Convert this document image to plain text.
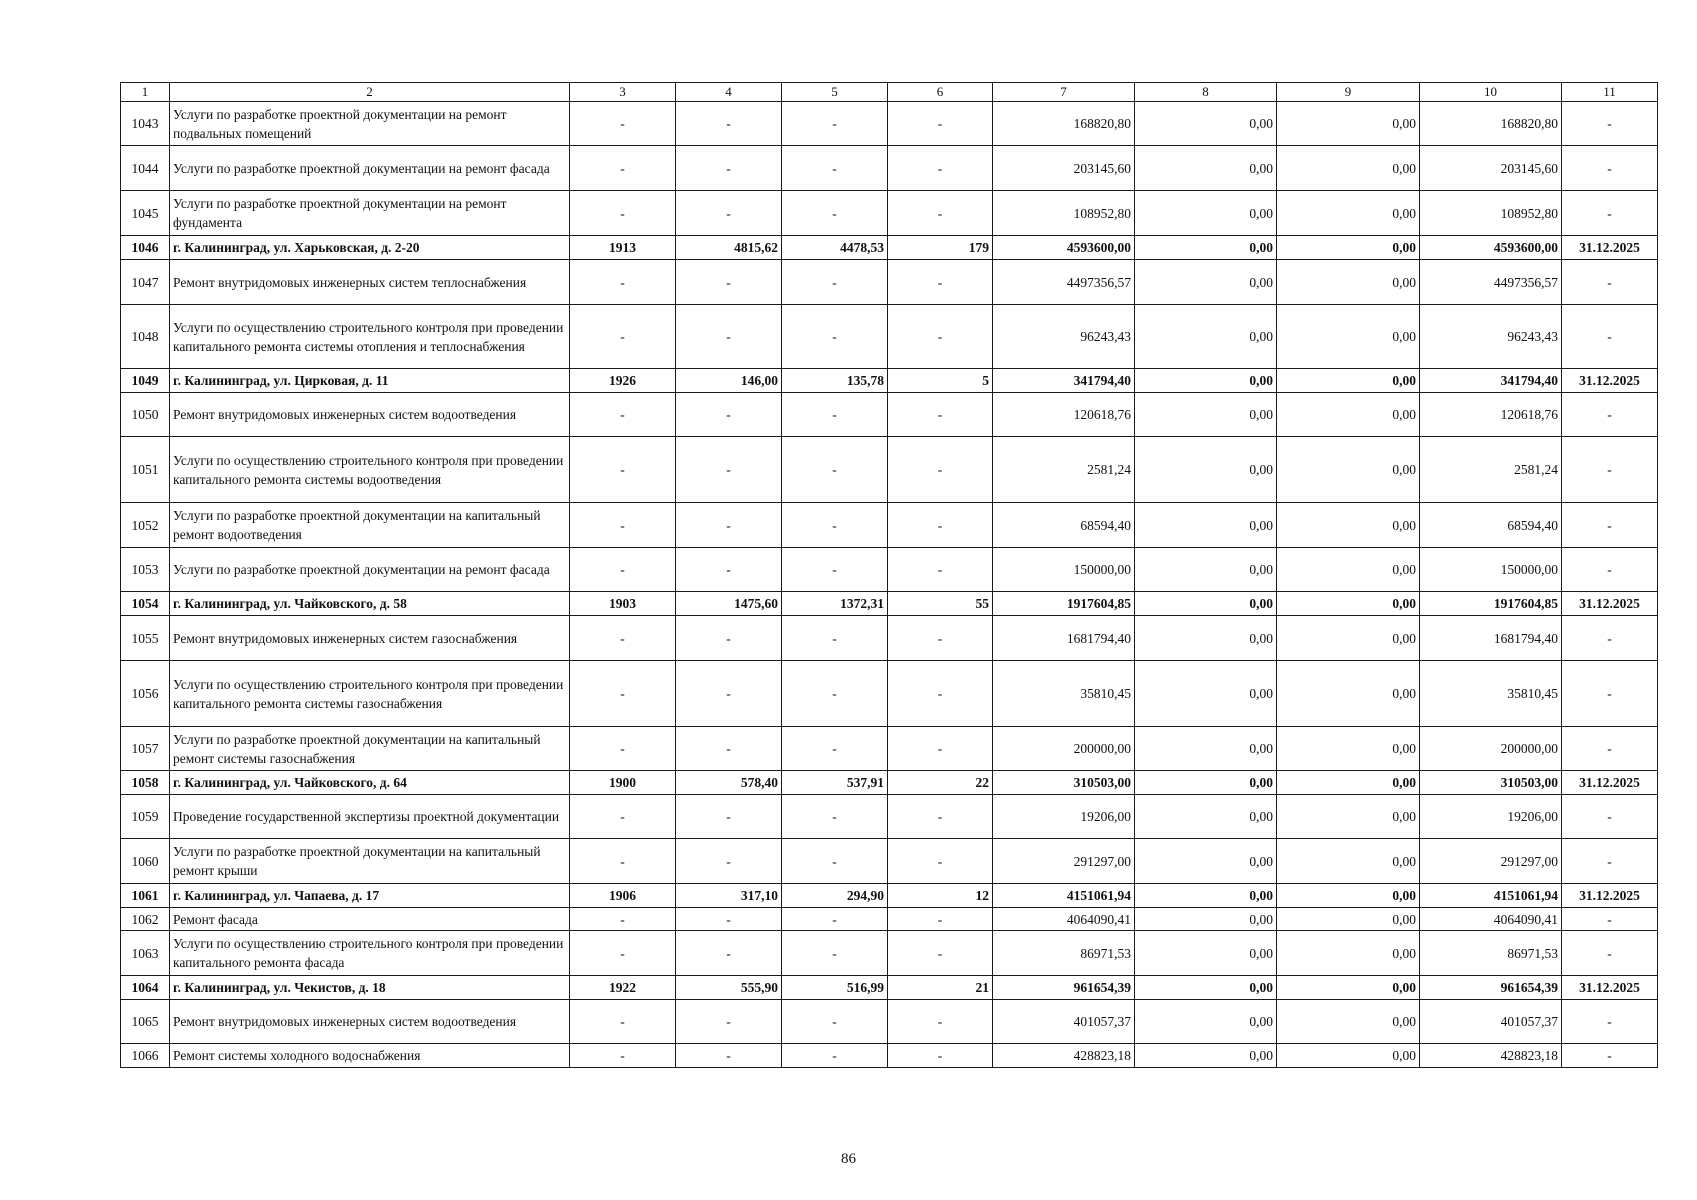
1	2	3	4	5	6	7	8	9	10	11
1043	Услуги по разработке проектной документации на ремонт подвальных помещений	-	-	-	-	168820,80	0,00	0,00	168820,80	-
1044	Услуги по разработке проектной документации на ремонт фасада	-	-	-	-	203145,60	0,00	0,00	203145,60	-
1045	Услуги по разработке проектной документации на ремонт фундамента	-	-	-	-	108952,80	0,00	0,00	108952,80	-
1046	г. Калининград, ул. Харьковская, д. 2-20	1913	4815,62	4478,53	179	4593600,00	0,00	0,00	4593600,00	31.12.2025
1047	Ремонт внутридомовых инженерных систем теплоснабжения	-	-	-	-	4497356,57	0,00	0,00	4497356,57	-
1048	Услуги по осуществлению строительного контроля при проведении капитального ремонта системы отопления и теплоснабжения	-	-	-	-	96243,43	0,00	0,00	96243,43	-
1049	г. Калининград, ул. Цирковая, д. 11	1926	146,00	135,78	5	341794,40	0,00	0,00	341794,40	31.12.2025
1050	Ремонт внутридомовых инженерных систем водоотведения	-	-	-	-	120618,76	0,00	0,00	120618,76	-
1051	Услуги по осуществлению строительного контроля при проведении капитального ремонта системы водоотведения	-	-	-	-	2581,24	0,00	0,00	2581,24	-
1052	Услуги по разработке проектной документации на капитальный ремонт водоотведения	-	-	-	-	68594,40	0,00	0,00	68594,40	-
1053	Услуги по разработке проектной документации на ремонт фасада	-	-	-	-	150000,00	0,00	0,00	150000,00	-
1054	г. Калининград, ул. Чайковского, д. 58	1903	1475,60	1372,31	55	1917604,85	0,00	0,00	1917604,85	31.12.2025
1055	Ремонт внутридомовых инженерных систем газоснабжения	-	-	-	-	1681794,40	0,00	0,00	1681794,40	-
1056	Услуги по осуществлению строительного контроля при проведении капитального ремонта системы газоснабжения	-	-	-	-	35810,45	0,00	0,00	35810,45	-
1057	Услуги по разработке проектной документации на капитальный ремонт системы газоснабжения	-	-	-	-	200000,00	0,00	0,00	200000,00	-
1058	г. Калининград, ул. Чайковского, д. 64	1900	578,40	537,91	22	310503,00	0,00	0,00	310503,00	31.12.2025
1059	Проведение государственной экспертизы проектной документации	-	-	-	-	19206,00	0,00	0,00	19206,00	-
1060	Услуги по разработке проектной документации на капитальный ремонт крыши	-	-	-	-	291297,00	0,00	0,00	291297,00	-
1061	г. Калининград, ул. Чапаева, д. 17	1906	317,10	294,90	12	4151061,94	0,00	0,00	4151061,94	31.12.2025
1062	Ремонт фасада	-	-	-	-	4064090,41	0,00	0,00	4064090,41	-
1063	Услуги по осуществлению строительного контроля при проведении капитального ремонта фасада	-	-	-	-	86971,53	0,00	0,00	86971,53	-
1064	г. Калининград, ул. Чекистов, д. 18	1922	555,90	516,99	21	961654,39	0,00	0,00	961654,39	31.12.2025
1065	Ремонт внутридомовых инженерных систем водоотведения	-	-	-	-	401057,37	0,00	0,00	401057,37	-
1066	Ремонт системы холодного водоснабжения	-	-	-	-	428823,18	0,00	0,00	428823,18	-
86
